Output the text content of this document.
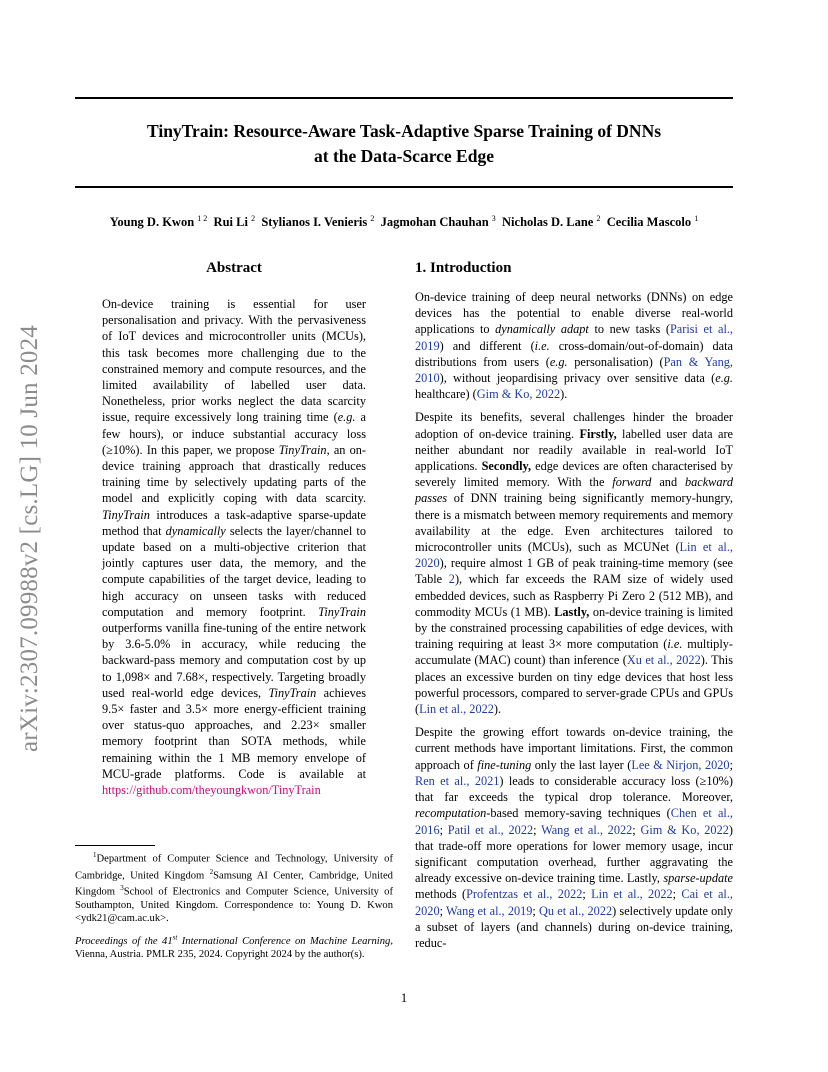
TinyTrain: Resource-Aware Task-Adaptive Sparse Training of DNNs
at the Data-Scarce Edge
Young D. Kwon $^{1 2}$ Rui Li $^2$ Stylianos I. Venieris $^2$ Jagmohan Chauhan $^3$ Nicholas D. Lane $^2$ Cecilia Mascolo $^1$
arXiv:2307.09988v2 [cs.LG] 10 Jun 2024
Abstract
On-device training is essential for user personalisation and privacy. With the pervasiveness of IoT devices and microcontroller units (MCUs), this task becomes more challenging due to the constrained memory and compute resources, and the limited availability of labelled user data. Nonetheless, prior works neglect the data scarcity issue, require excessively long training time (e.g. a few hours), or induce substantial accuracy loss (≥10%). In this paper, we propose TinyTrain, an on-device training approach that drastically reduces training time by selectively updating parts of the model and explicitly coping with data scarcity. TinyTrain introduces a task-adaptive sparse-update method that dynamically selects the layer/channel to update based on a multi-objective criterion that jointly captures user data, the memory, and the compute capabilities of the target device, leading to high accuracy on unseen tasks with reduced computation and memory footprint. TinyTrain outperforms vanilla fine-tuning of the entire network by 3.6-5.0% in accuracy, while reducing the backward-pass memory and computation cost by up to 1,098× and 7.68×, respectively. Targeting broadly used real-world edge devices, TinyTrain achieves 9.5× faster and 3.5× more energy-efficient training over status-quo approaches, and 2.23× smaller memory footprint than SOTA methods, while remaining within the 1 MB memory envelope of MCU-grade platforms. Code is available at https://github.com/theyoungkwon/TinyTrain
$^1$Department of Computer Science and Technology, University of Cambridge, United Kingdom $^2$Samsung AI Center, Cambridge, United Kingdom $^3$School of Electronics and Computer Science, University of Southampton, United Kingdom. Correspondence to: Young D. Kwon <ydk21@cam.ac.uk>.
Proceedings of the 41st International Conference on Machine Learning, Vienna, Austria. PMLR 235, 2024. Copyright 2024 by the author(s).
1. Introduction

On-device training of deep neural networks (DNNs) on edge devices has the potential to enable diverse real-world applications to dynamically adapt to new tasks (Parisi et al., 2019) and different (i.e. cross-domain/out-of-domain) data distributions from users (e.g. personalisation) (Pan & Yang, 2010), without jeopardising privacy over sensitive data (e.g. healthcare) (Gim & Ko, 2022).

Despite its benefits, several challenges hinder the broader adoption of on-device training. Firstly, labelled user data are neither abundant nor readily available in real-world IoT applications. Secondly, edge devices are often characterised by severely limited memory. With the forward and backward passes of DNN training being significantly memory-hungry, there is a mismatch between memory requirements and memory availability at the edge. Even architectures tailored to microcontroller units (MCUs), such as MCUNet (Lin et al., 2020), require almost 1 GB of peak training-time memory (see Table 2), which far exceeds the RAM size of widely used embedded devices, such as Raspberry Pi Zero 2 (512 MB), and commodity MCUs (1 MB). Lastly, on-device training is limited by the constrained processing capabilities of edge devices, with training requiring at least 3× more computation (i.e. multiply-accumulate (MAC) count) than inference (Xu et al., 2022). This places an excessive burden on tiny edge devices that host less powerful processors, compared to server-grade CPUs and GPUs (Lin et al., 2022).

Despite the growing effort towards on-device training, the current methods have important limitations. First, the common approach of fine-tuning only the last layer (Lee & Nirjon, 2020; Ren et al., 2021) leads to considerable accuracy loss (≥10%) that far exceeds the typical drop tolerance. Moreover, recomputation-based memory-saving techniques (Chen et al., 2016; Patil et al., 2022; Wang et al., 2022; Gim & Ko, 2022) that trade-off more operations for lower memory usage, incur significant computation overhead, further aggravating the already excessive on-device training time. Lastly, sparse-update methods (Profentzas et al., 2022; Lin et al., 2022; Cai et al., 2020; Wang et al., 2019; Qu et al., 2022) selectively update only a subset of layers (and channels) during on-device training, reduc-

1
